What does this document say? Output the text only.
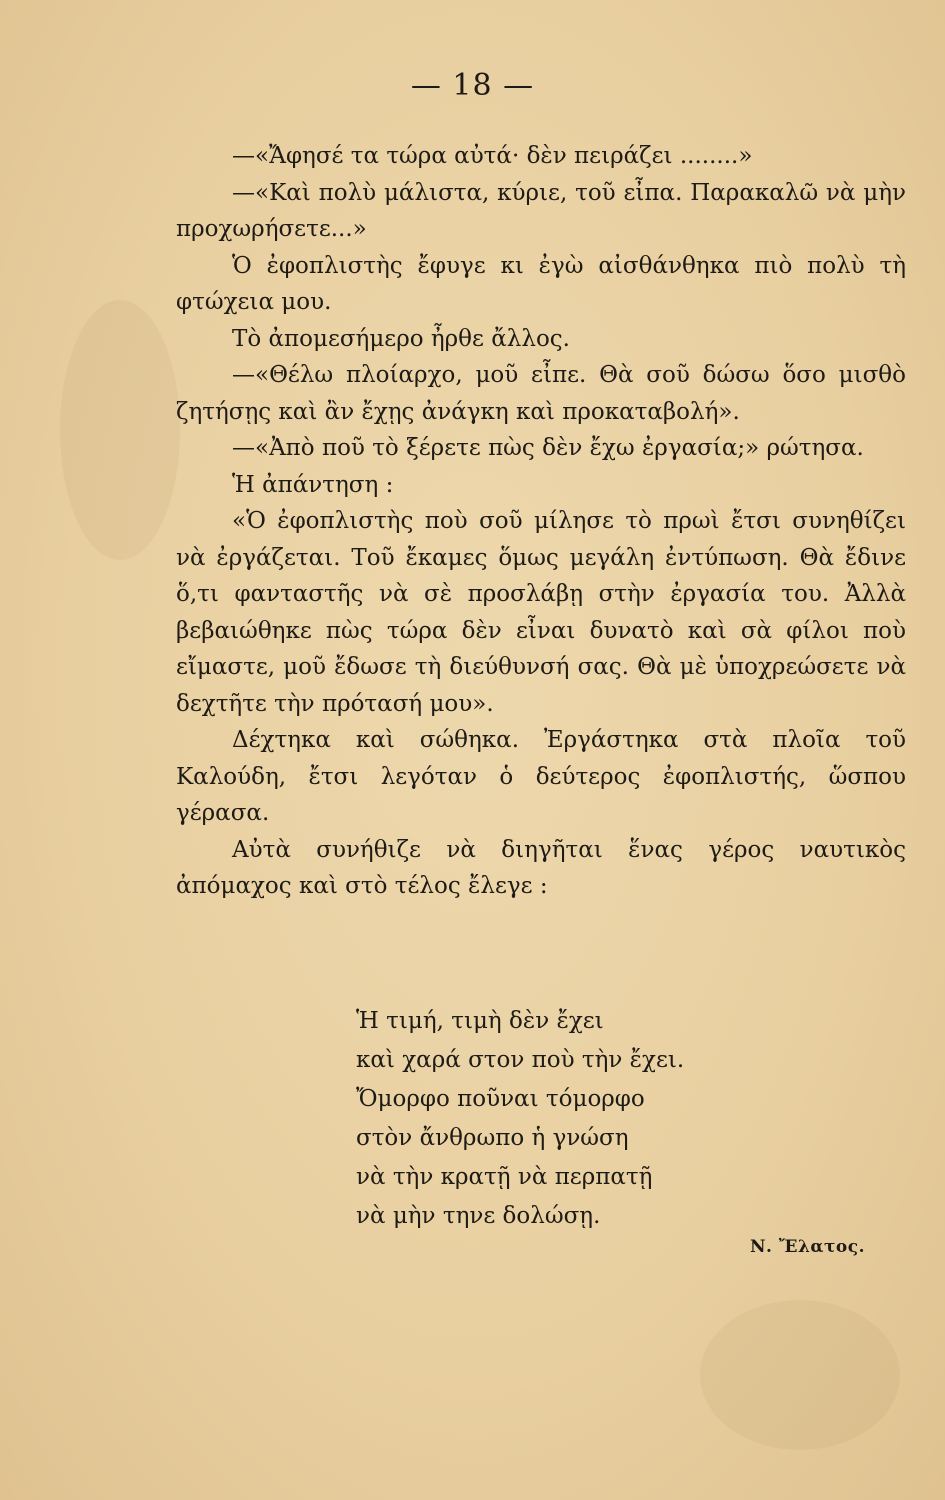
— 18 —

—«Ἄφησέ τα τώρα αὐτά· δὲν πειράζει ........»

—«Καὶ πολὺ μάλιστα, κύριε, τοῦ εἶπα. Παρακαλῶ νὰ μὴν προχωρήσετε...»

Ὁ ἐφοπλιστὴς ἔφυγε κι ἐγὼ αἰσθάνθηκα πιὸ πολὺ τὴ φτώχεια μου.

Τὸ ἀπομεσήμερο ἦρθε ἄλλος.

—«Θέλω πλοίαρχο, μοῦ εἶπε. Θὰ σοῦ δώσω ὅσο μισθὸ ζητήσῃς καὶ ἂν ἔχῃς ἀνάγκη καὶ προκαταβολή».

—«Ἀπὸ ποῦ τὸ ξέρετε πὼς δὲν ἔχω ἐργασία;» ρώτησα.

Ἡ ἀπάντηση :

«Ὁ ἐφοπλιστὴς ποὺ σοῦ μίλησε τὸ πρωὶ ἔτσι συνηθίζει νὰ ἐργάζεται. Τοῦ ἔκαμες ὅμως μεγάλη ἐντύπωση. Θὰ ἔδινε ὅ,τι φανταστῆς νὰ σὲ προσλάβῃ στὴν ἐργασία του. Ἀλλὰ βεβαιώθηκε πὼς τώρα δὲν εἶναι δυνατὸ καὶ σὰ φίλοι ποὺ εἴμαστε, μοῦ ἔδωσε τὴ διεύθυνσή σας. Θὰ μὲ ὑποχρεώσετε νὰ δεχτῆτε τὴν πρότασή μου».

Δέχτηκα καὶ σώθηκα. Ἐργάστηκα στὰ πλοῖα τοῦ Καλούδη, ἔτσι λεγόταν ὁ δεύτερος ἐφοπλιστής, ὥσπου γέρασα.

Αὐτὰ συνήθιζε νὰ διηγῆται ἕνας γέρος ναυτικὸς ἀπόμαχος καὶ στὸ τέλος ἔλεγε :

Ἡ τιμή, τιμὴ δὲν ἔχει
καὶ χαρά στον ποὺ τὴν ἔχει.
Ὄμορφο ποῦναι τόμορφο
στὸν ἄνθρωπο ἡ γνώση
νὰ τὴν κρατῇ νὰ περπατῇ
νὰ μὴν τηνε δολώσῃ.
Ν. Ἔλατος.
